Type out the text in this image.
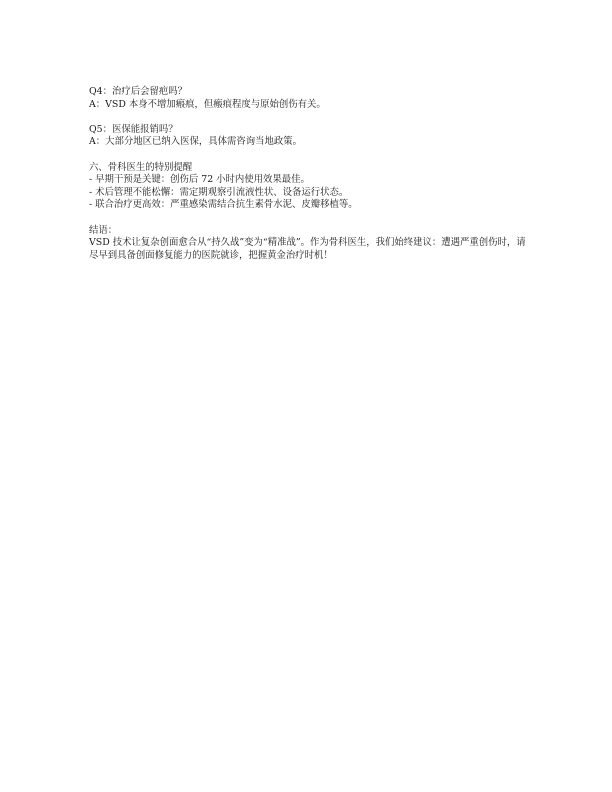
Q4：治疗后会留疤吗？
A：VSD 本身不增加瘢痕，但瘢痕程度与原始创伤有关。
Q5：医保能报销吗？
A：大部分地区已纳入医保，具体需咨询当地政策。
六、骨科医生的特别提醒
- 早期干预是关键：创伤后 72 小时内使用效果最佳。
- 术后管理不能松懈：需定期观察引流液性状、设备运行状态。
- 联合治疗更高效：严重感染需结合抗生素骨水泥、皮瓣移植等。
结语：
VSD 技术让复杂创面愈合从“持久战”变为“精准战”。作为骨科医生，我们始终建议：遭遇严重创伤时，请尽早到具备创面修复能力的医院就诊，把握黄金治疗时机！
